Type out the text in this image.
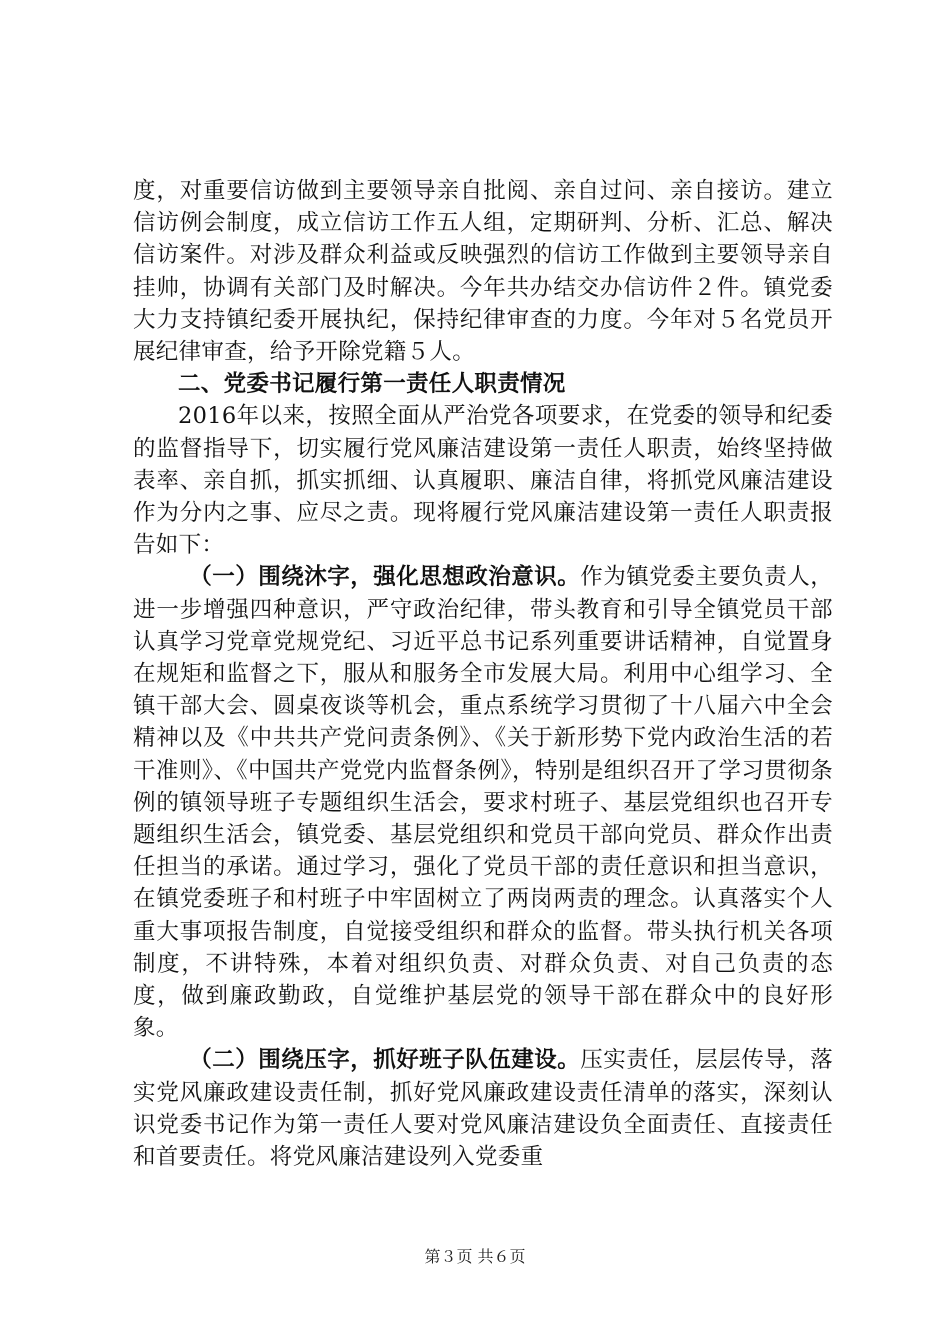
度，对重要信访做到主要领导亲自批阅、亲自过问、亲自接访。建立信访例会制度，成立信访工作五人组，定期研判、分析、汇总、解决信访案件。对涉及群众利益或反映强烈的信访工作做到主要领导亲自挂帅，协调有关部门及时解决。今年共办结交办信访件２件。镇党委大力支持镇纪委开展执纪，保持纪律审查的力度。今年对５名党员开展纪律审查，给予开除党籍５人。

二、党委书记履行第一责任人职责情况

2016年以来，按照全面从严治党各项要求，在党委的领导和纪委的监督指导下，切实履行党风廉洁建设第一责任人职责，始终坚持做表率、亲自抓，抓实抓细、认真履职、廉洁自律，将抓党风廉洁建设作为分内之事、应尽之责。现将履行党风廉洁建设第一责任人职责报告如下：

（一）围绕沐字，强化思想政治意识。作为镇党委主要负责人，进一步增强四种意识，严守政治纪律，带头教育和引导全镇党员干部认真学习党章党规党纪、习近平总书记系列重要讲话精神，自觉置身在规矩和监督之下，服从和服务全市发展大局。利用中心组学习、全镇干部大会、圆桌夜谈等机会，重点系统学习贯彻了十八届六中全会精神以及《中共共产党问责条例》、《关于新形势下党内政治生活的若干准则》、《中国共产党党内监督条例》，特别是组织召开了学习贯彻条例的镇领导班子专题组织生活会，要求村班子、基层党组织也召开专题组织生活会，镇党委、基层党组织和党员干部向党员、群众作出责任担当的承诺。通过学习，强化了党员干部的责任意识和担当意识，在镇党委班子和村班子中牢固树立了两岗两责的理念。认真落实个人重大事项报告制度，自觉接受组织和群众的监督。带头执行机关各项制度，不讲特殊，本着对组织负责、对群众负责、对自己负责的态度，做到廉政勤政，自觉维护基层党的领导干部在群众中的良好形象。

（二）围绕压字，抓好班子队伍建设。压实责任，层层传导，落实党风廉政建设责任制，抓好党风廉政建设责任清单的落实，深刻认识党委书记作为第一责任人要对党风廉洁建设负全面责任、直接责任和首要责任。将党风廉洁建设列入党委重

第３页 共６页
